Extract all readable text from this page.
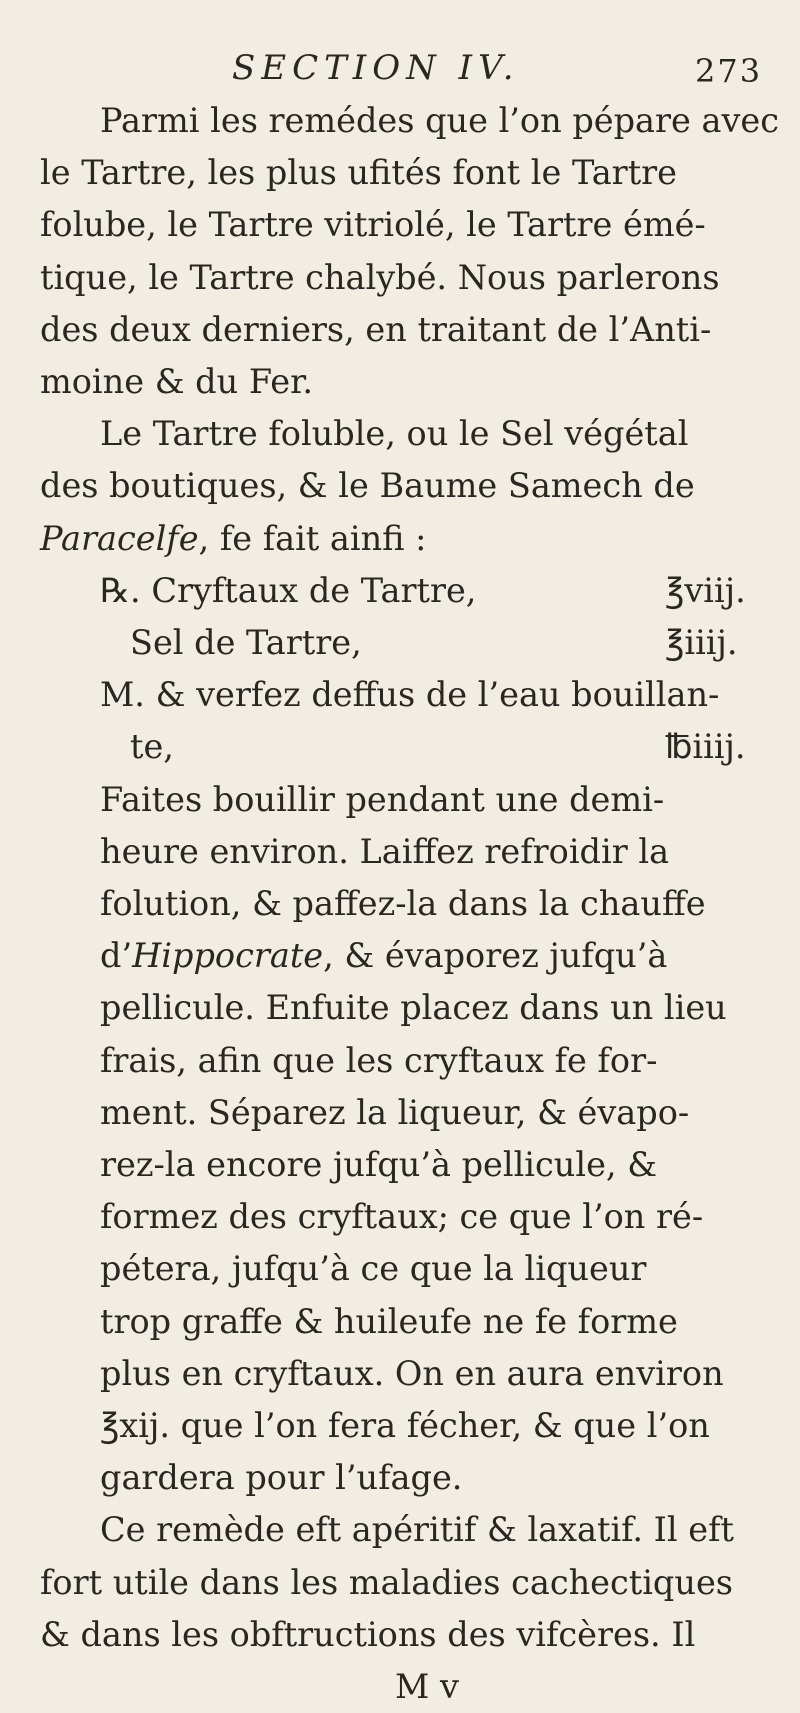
SECTION IV.	273
Parmi les remédes que l’on pépare avec
le Tartre, les plus ufités font le Tartre
folube, le Tartre vitriolé, le Tartre émé-
tique, le Tartre chalybé. Nous parlerons
des deux derniers, en traitant de l’Anti-
moine & du Fer.
Le Tartre foluble, ou le Sel végétal
des boutiques, & le Baume Samech de
Paracelfe, fe fait ainfi :
℞. Cryftaux de Tartre,	℥viij.
Sel de Tartre,	℥iiij.
M. & verfez deffus de l’eau bouillan-
te,	℔iiij.
Faites bouillir pendant une demi-
heure environ. Laiffez refroidir la
folution, & paffez-la dans la chauffe
d’Hippocrate, & évaporez jufqu’à
pellicule. Enfuite placez dans un lieu
frais, afin que les cryftaux fe for-
ment. Séparez la liqueur, & évapo-
rez-la encore jufqu’à pellicule, &
formez des cryftaux; ce que l’on ré-
pétera, jufqu’à ce que la liqueur
trop graffe & huileufe ne fe forme
plus en cryftaux. On en aura environ
℥xij. que l’on fera fécher, & que l’on
gardera pour l’ufage.
Ce remède eft apéritif & laxatif. Il eft
fort utile dans les maladies cachectiques
& dans les obftructions des vifcères. Il
M v
